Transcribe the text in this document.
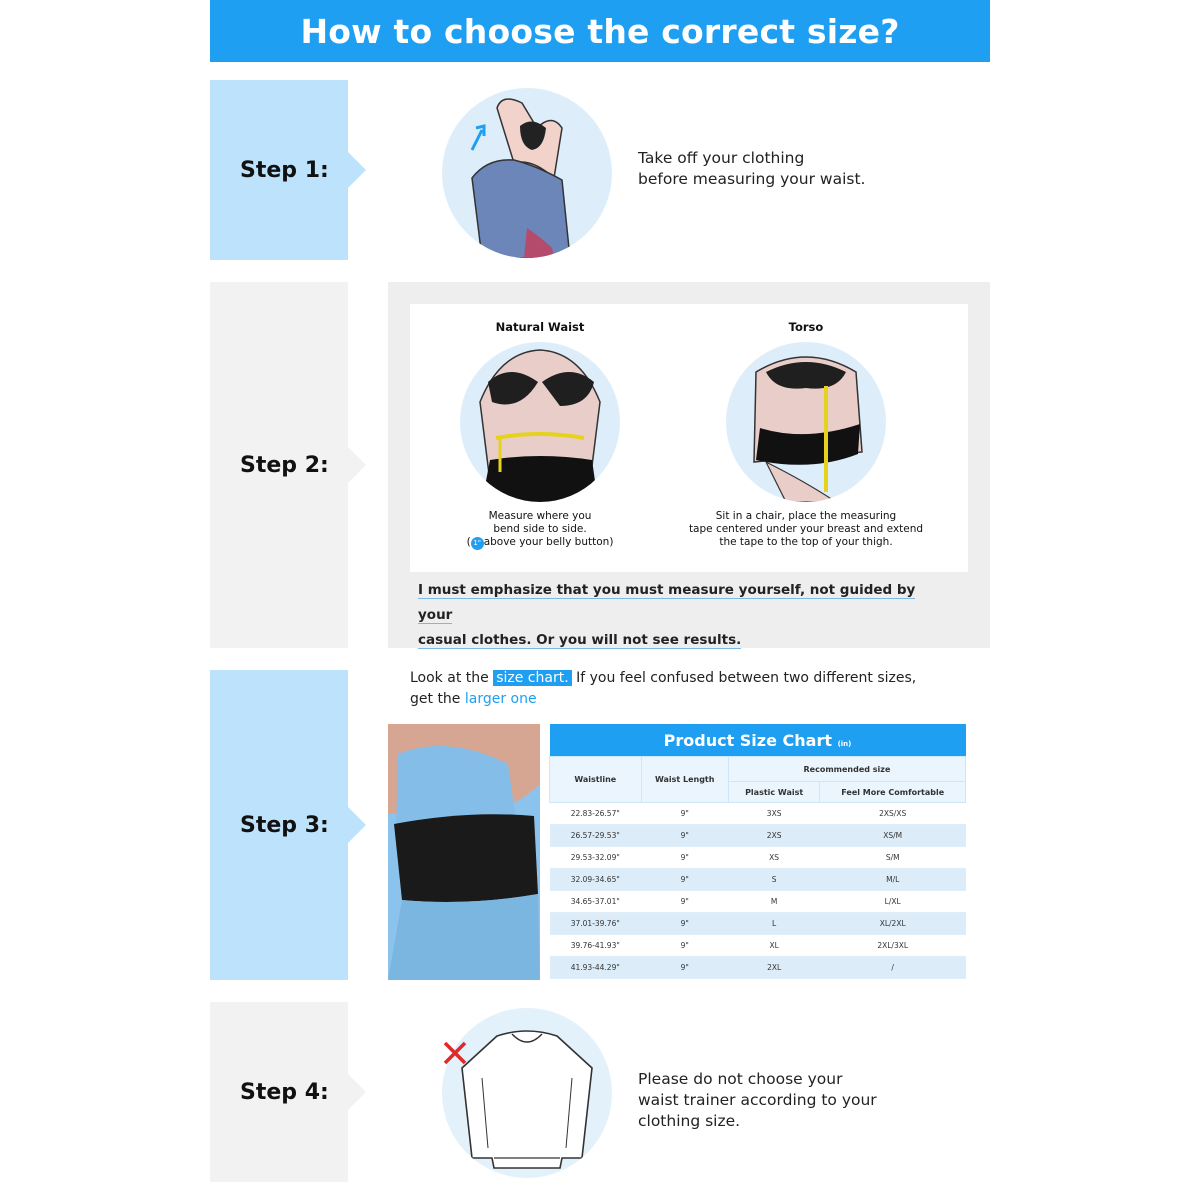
How to choose the correct size?
Step 1:	Take off your clothing
before measuring your waist.
Step 2:
Natural Waist
Measure where you
bend side to side.
( 1" above your belly button)
Torso
Sit in a chair, place the measuring
tape centered under your breast and extend
the tape to the top of your thigh.
I must emphasize that you must measure yourself, not guided by your
casual clothes. Or you will not see results.
Step 3:
Look at the size chart. If you feel confused between two different sizes,
get the larger one
Product Size Chart (in)			
Waistline	Waist Length	Recommended size	
		Plastic Waist	Feel More Comfortable
22.83-26.57"	9"	3XS	2XS/XS
26.57-29.53"	9"	2XS	XS/M
29.53-32.09"	9"	XS	S/M
32.09-34.65"	9"	S	M/L
34.65-37.01"	9"	M	L/XL
37.01-39.76"	9"	L	XL/2XL
39.76-41.93"	9"	XL	2XL/3XL
41.93-44.29"	9"	2XL	/
Step 4:
Please do not choose your
waist trainer according to your
clothing size.
